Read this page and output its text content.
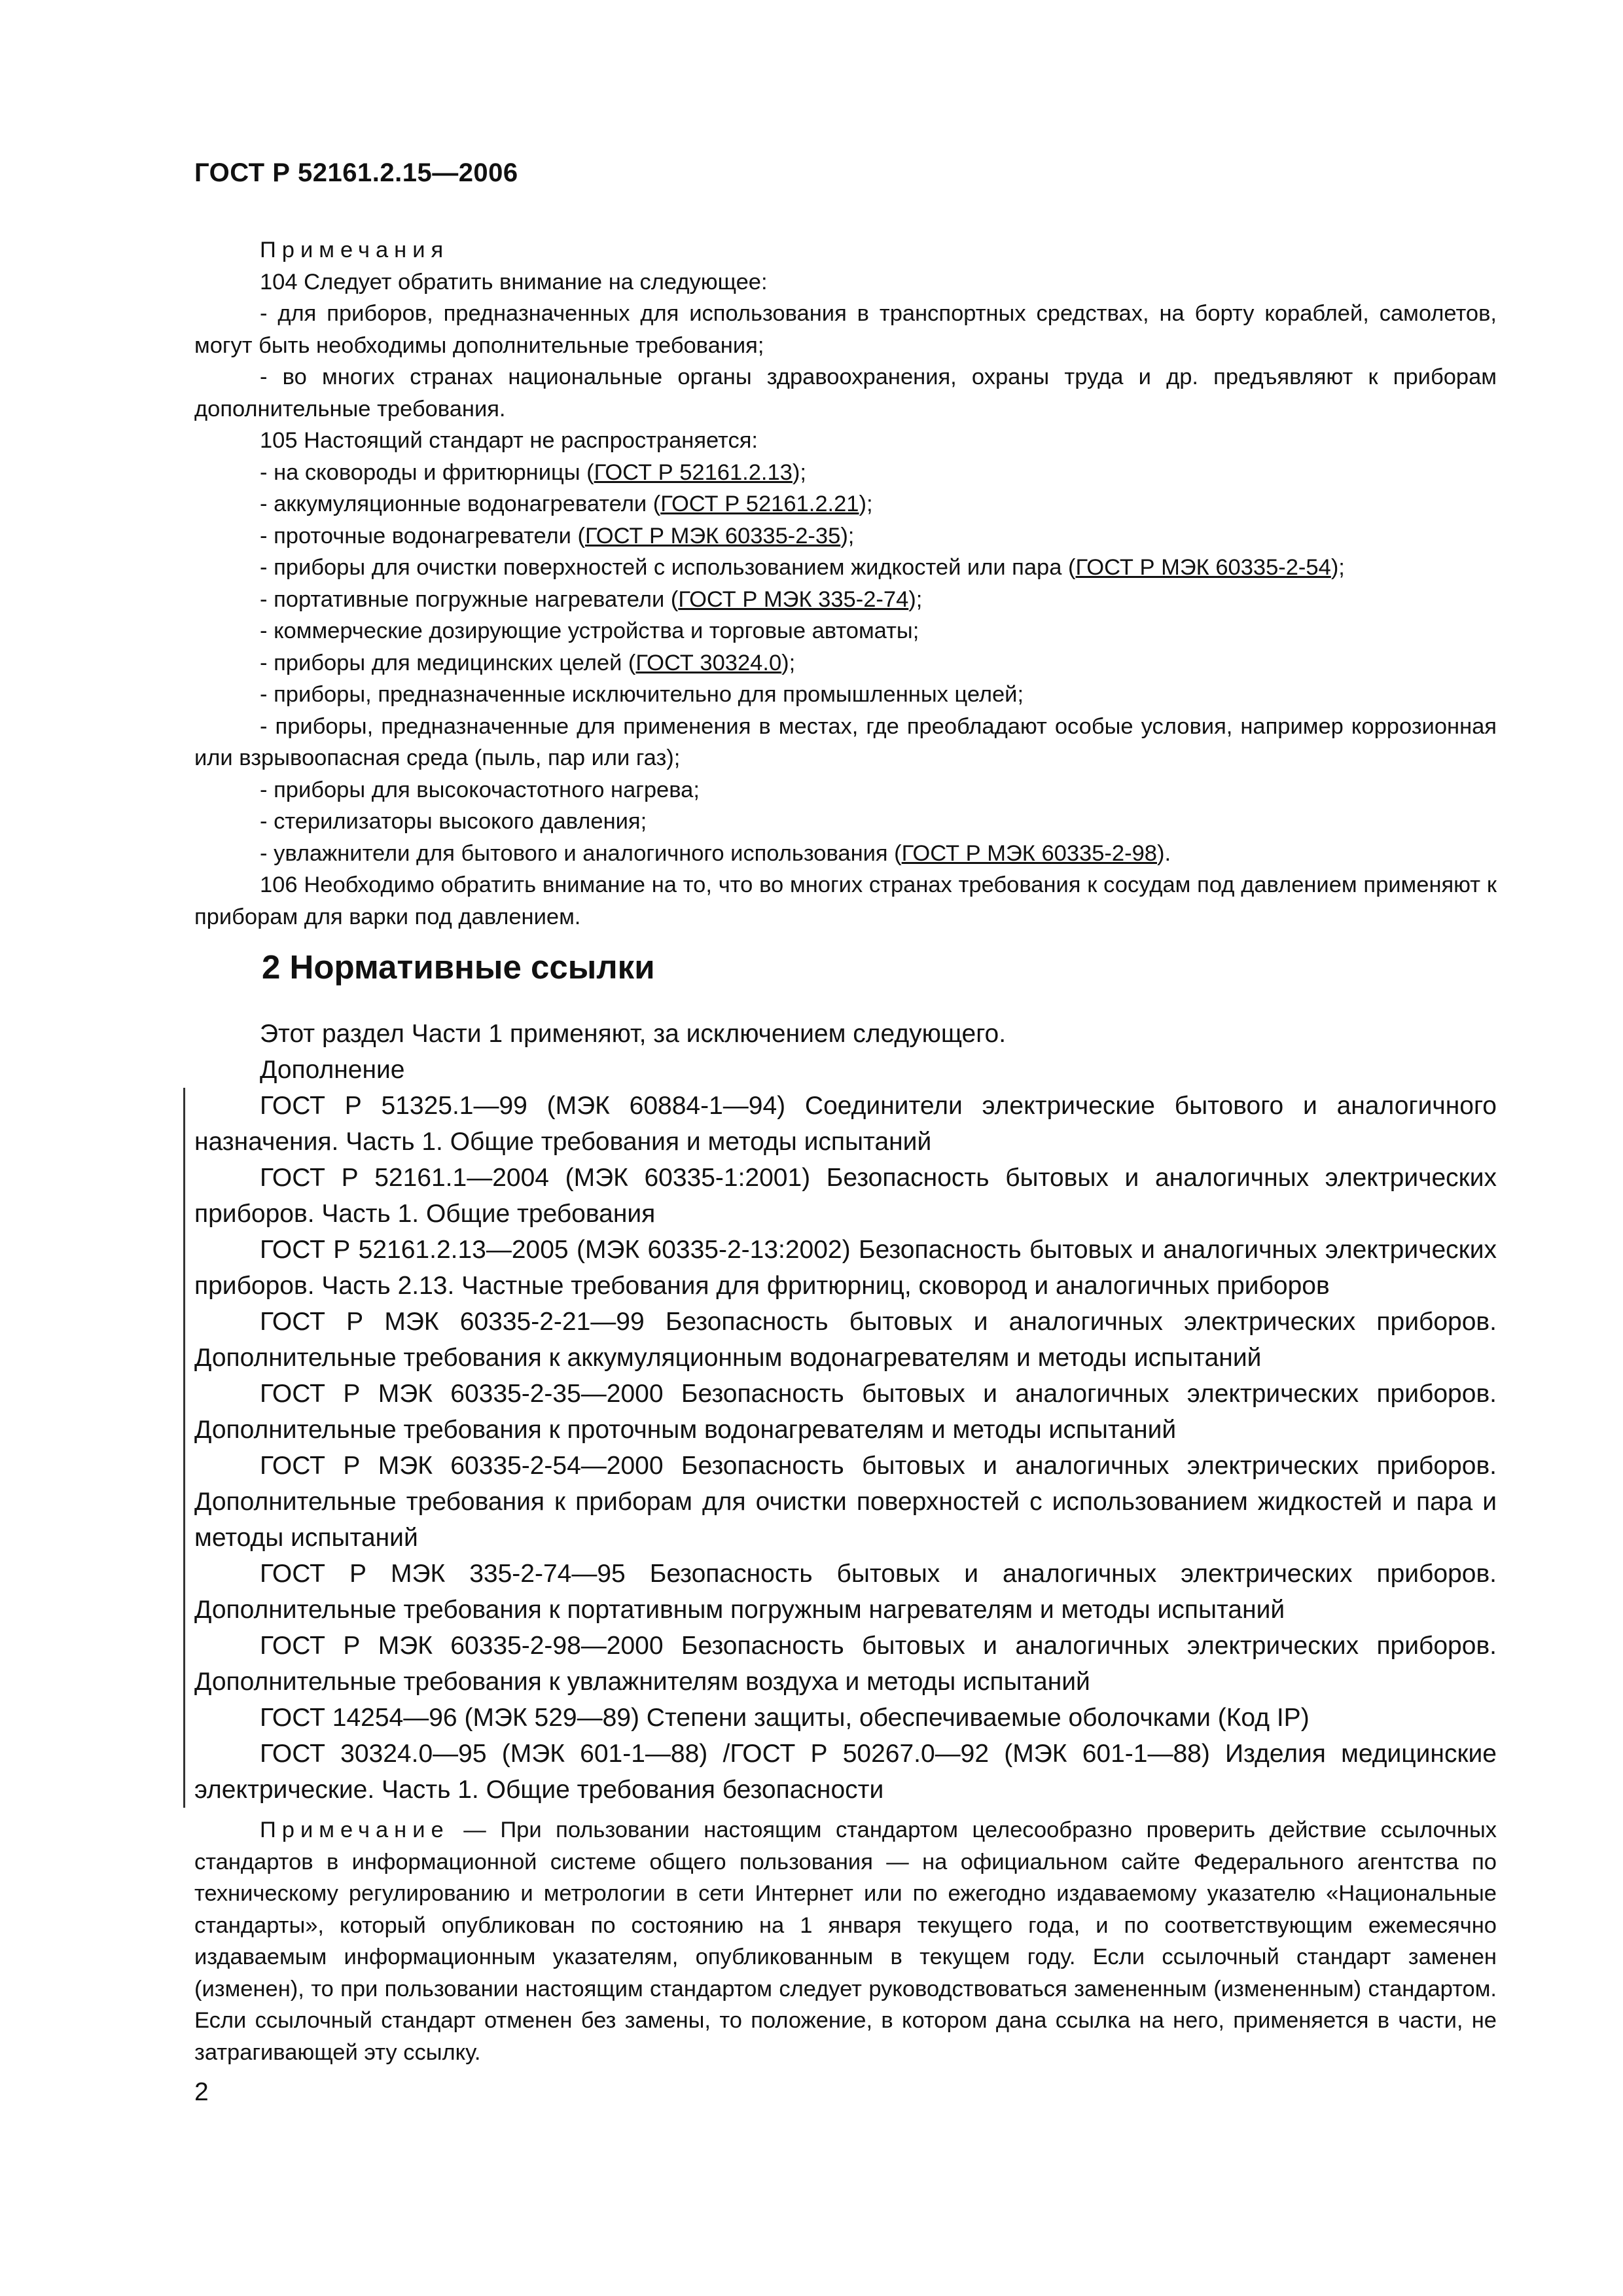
ГОСТ Р 52161.2.15—2006

Примечания

104 Следует обратить внимание на следующее:

- для приборов, предназначенных для использования в транспортных средствах, на борту кораблей, самолетов, могут быть необходимы дополнительные требования;

- во многих странах национальные органы здравоохранения, охраны труда и др. предъявляют к приборам дополнительные требования.

105 Настоящий стандарт не распространяется:

- на сковороды и фритюрницы (ГОСТ Р 52161.2.13);

- аккумуляционные водонагреватели (ГОСТ Р 52161.2.21);

- проточные водонагреватели (ГОСТ Р МЭК 60335-2-35);

- приборы для очистки поверхностей с использованием жидкостей или пара (ГОСТ Р МЭК 60335-2-54);

- портативные погружные нагреватели (ГОСТ Р МЭК 335-2-74);

- коммерческие дозирующие устройства и торговые автоматы;

- приборы для медицинских целей (ГОСТ 30324.0);

- приборы, предназначенные исключительно для промышленных целей;

- приборы, предназначенные для применения в местах, где преобладают особые условия, например коррозионная или взрывоопасная среда (пыль, пар или газ);

- приборы для высокочастотного нагрева;

- стерилизаторы высокого давления;

- увлажнители для бытового и аналогичного использования (ГОСТ Р МЭК 60335-2-98).

106 Необходимо обратить внимание на то, что во многих странах требования к сосудам под давлением применяют к приборам для варки под давлением.

2 Нормативные ссылки

Этот раздел Части 1 применяют, за исключением следующего.

Дополнение

ГОСТ Р 51325.1—99 (МЭК 60884-1—94) Соединители электрические бытового и аналогичного назначения. Часть 1. Общие требования и методы испытаний

ГОСТ Р 52161.1—2004 (МЭК 60335-1:2001) Безопасность бытовых и аналогичных электрических приборов. Часть 1. Общие требования

ГОСТ Р 52161.2.13—2005 (МЭК 60335-2-13:2002) Безопасность бытовых и аналогичных электрических приборов. Часть 2.13. Частные требования для фритюрниц, сковород и аналогичных приборов

ГОСТ Р МЭК 60335-2-21—99 Безопасность бытовых и аналогичных электрических приборов. Дополнительные требования к аккумуляционным водонагревателям и методы испытаний

ГОСТ Р МЭК 60335-2-35—2000 Безопасность бытовых и аналогичных электрических приборов. Дополнительные требования к проточным водонагревателям и методы испытаний

ГОСТ Р МЭК 60335-2-54—2000 Безопасность бытовых и аналогичных электрических приборов. Дополнительные требования к приборам для очистки поверхностей с использованием жидкостей и пара и методы испытаний

ГОСТ Р МЭК 335-2-74—95 Безопасность бытовых и аналогичных электрических приборов. Дополнительные требования к портативным погружным нагревателям и методы испытаний

ГОСТ Р МЭК 60335-2-98—2000 Безопасность бытовых и аналогичных электрических приборов. Дополнительные требования к увлажнителям воздуха и методы испытаний

ГОСТ 14254—96 (МЭК 529—89) Степени защиты, обеспечиваемые оболочками (Код IP)

ГОСТ 30324.0—95 (МЭК 601-1—88) /ГОСТ Р 50267.0—92 (МЭК 601-1—88) Изделия медицинские электрические. Часть 1. Общие требования безопасности

Примечание — При пользовании настоящим стандартом целесообразно проверить действие ссылочных стандартов в информационной системе общего пользования — на официальном сайте Федерального агентства по техническому регулированию и метрологии в сети Интернет или по ежегодно издаваемому указателю «Национальные стандарты», который опубликован по состоянию на 1 января текущего года, и по соответствующим ежемесячно издаваемым информационным указателям, опубликованным в текущем году. Если ссылочный стандарт заменен (изменен), то при пользовании настоящим стандартом следует руководствоваться замененным (измененным) стандартом. Если ссылочный стандарт отменен без замены, то положение, в котором дана ссылка на него, применяется в части, не затрагивающей эту ссылку.

2
